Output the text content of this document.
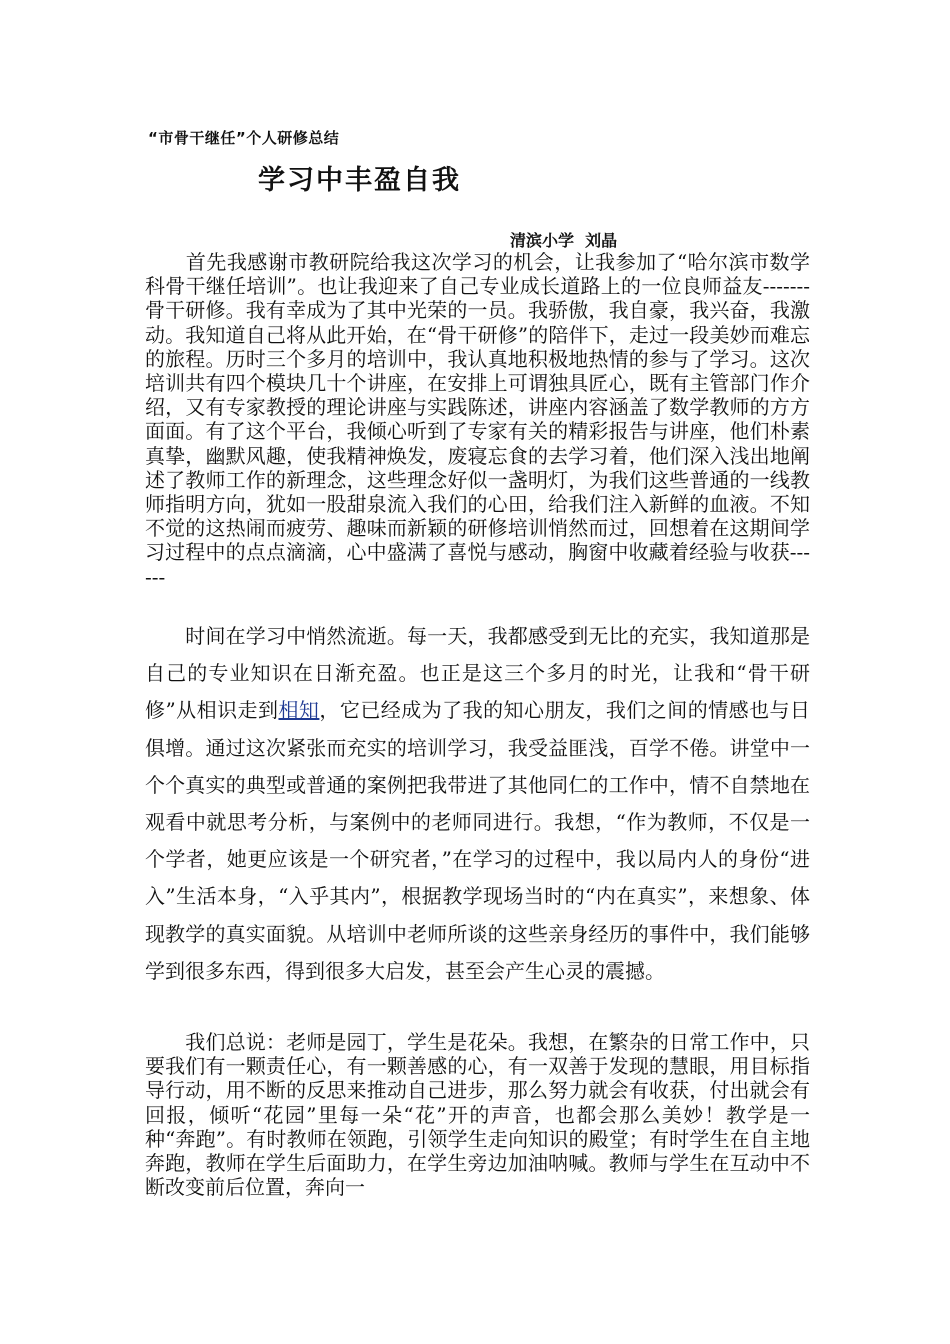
“市骨干继任”个人研修总结
学习中丰盈自我
清滨小学  刘晶

　　首先我感谢市教研院给我这次学习的机会，让我参加了“哈尔滨市数学科骨干继任培训”。也让我迎来了自己专业成长道路上的一位良师益友-------骨干研修。我有幸成为了其中光荣的一员。我骄傲，我自豪，我兴奋，我激动。我知道自己将从此开始，在“骨干研修”的陪伴下，走过一段美妙而难忘的旅程。历时三个多月的培训中，我认真地积极地热情的参与了学习。这次培训共有四个模块几十个讲座，在安排上可谓独具匠心，既有主管部门作介绍，又有专家教授的理论讲座与实践陈述，讲座内容涵盖了数学教师的方方面面。有了这个平台，我倾心听到了专家有关的精彩报告与讲座，他们朴素真挚，幽默风趣，使我精神焕发，废寝忘食的去学习着，他们深入浅出地阐述了教师工作的新理念，这些理念好似一盏明灯，为我们这些普通的一线教师指明方向，犹如一股甜泉流入我们的心田，给我们注入新鲜的血液。不知不觉的这热闹而疲劳、趣味而新颖的研修培训悄然而过，回想着在这期间学习过程中的点点滴滴，心中盛满了喜悦与感动，胸窗中收藏着经验与收获------

　　时间在学习中悄然流逝。每一天，我都感受到无比的充实，我知道那是自己的专业知识在日渐充盈。也正是这三个多月的时光，让我和“骨干研修”从相识走到相知，它已经成为了我的知心朋友，我们之间的情感也与日俱增。通过这次紧张而充实的培训学习，我受益匪浅，百学不倦。讲堂中一个个真实的典型或普通的案例把我带进了其他同仁的工作中，情不自禁地在观看中就思考分析，与案例中的老师同进行。我想，“作为教师，不仅是一个学者，她更应该是一个研究者，”在学习的过程中，我以局内人的身份“进入”生活本身，“入乎其内”，根据教学现场当时的“内在真实”，来想象、体现教学的真实面貌。从培训中老师所谈的这些亲身经历的事件中，我们能够学到很多东西，得到很多大启发，甚至会产生心灵的震撼。

　　我们总说：老师是园丁，学生是花朵。我想，在繁杂的日常工作中，只要我们有一颗责任心，有一颗善感的心，有一双善于发现的慧眼，用目标指导行动，用不断的反思来推动自己进步，那么努力就会有收获，付出就会有回报，倾听“花园”里每一朵“花”开的声音，也都会那么美妙！教学是一种“奔跑”。有时教师在领跑，引领学生走向知识的殿堂；有时学生在自主地奔跑，教师在学生后面助力，在学生旁边加油呐喊。教师与学生在互动中不断改变前后位置，奔向一
